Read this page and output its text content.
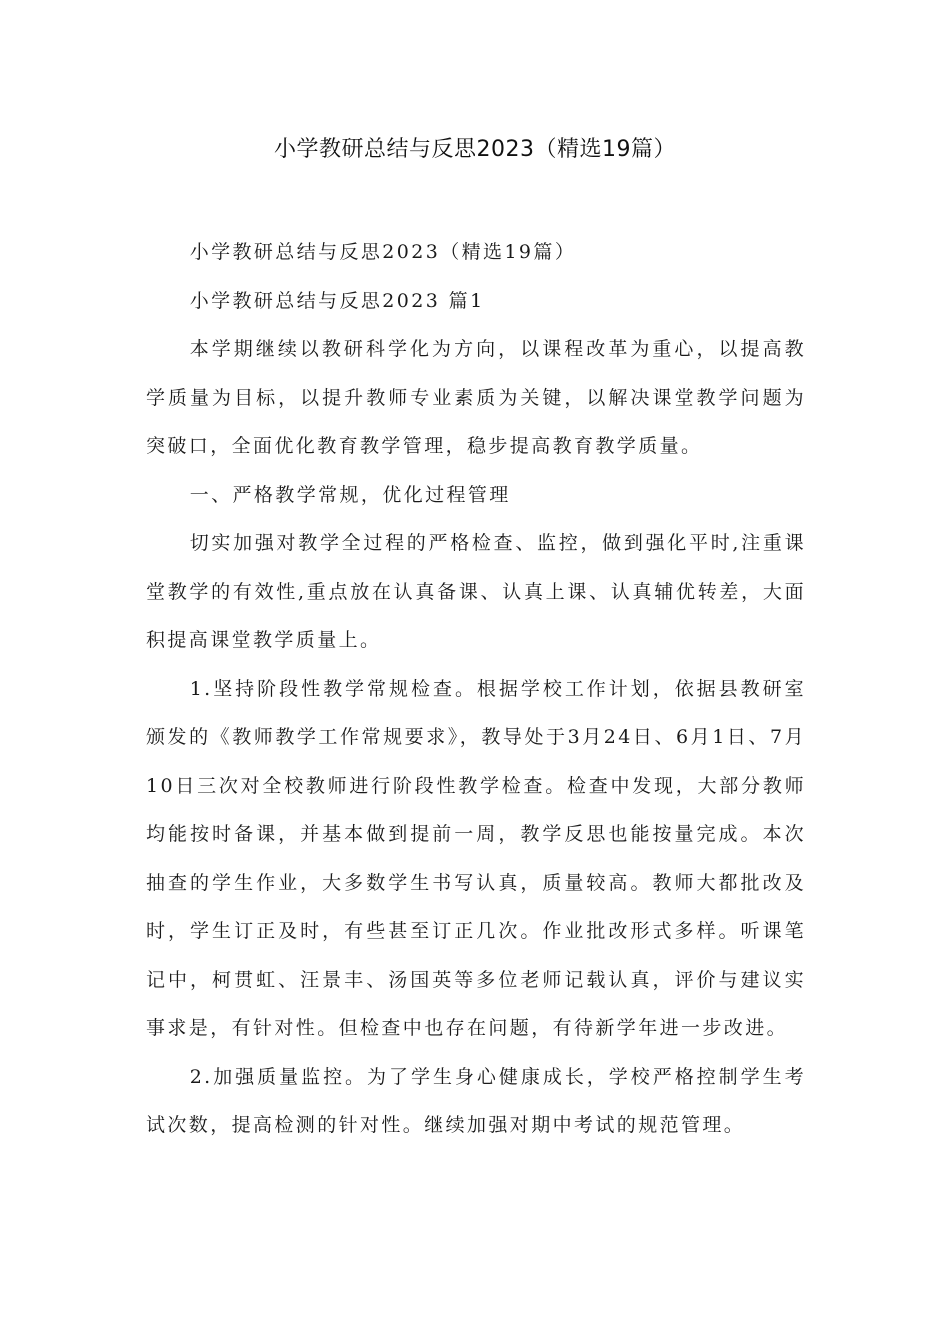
小学教研总结与反思2023（精选19篇）

小学教研总结与反思2023（精选19篇）

小学教研总结与反思2023 篇1

本学期继续以教研科学化为方向，以课程改革为重心，以提高教学质量为目标，以提升教师专业素质为关键，以解决课堂教学问题为突破口，全面优化教育教学管理，稳步提高教育教学质量。

一、严格教学常规，优化过程管理

切实加强对教学全过程的严格检查、监控，做到强化平时,注重课堂教学的有效性,重点放在认真备课、认真上课、认真辅优转差，大面积提高课堂教学质量上。

1.坚持阶段性教学常规检查。根据学校工作计划，依据县教研室颁发的《教师教学工作常规要求》，教导处于3月24日、6月1日、7月10日三次对全校教师进行阶段性教学检查。检查中发现，大部分教师均能按时备课，并基本做到提前一周，教学反思也能按量完成。本次抽查的学生作业，大多数学生书写认真，质量较高。教师大都批改及时，学生订正及时，有些甚至订正几次。作业批改形式多样。听课笔记中，柯贯虹、汪景丰、汤国英等多位老师记载认真，评价与建议实事求是，有针对性。但检查中也存在问题，有待新学年进一步改进。

2.加强质量监控。为了学生身心健康成长，学校严格控制学生考试次数，提高检测的针对性。继续加强对期中考试的规范管理。
